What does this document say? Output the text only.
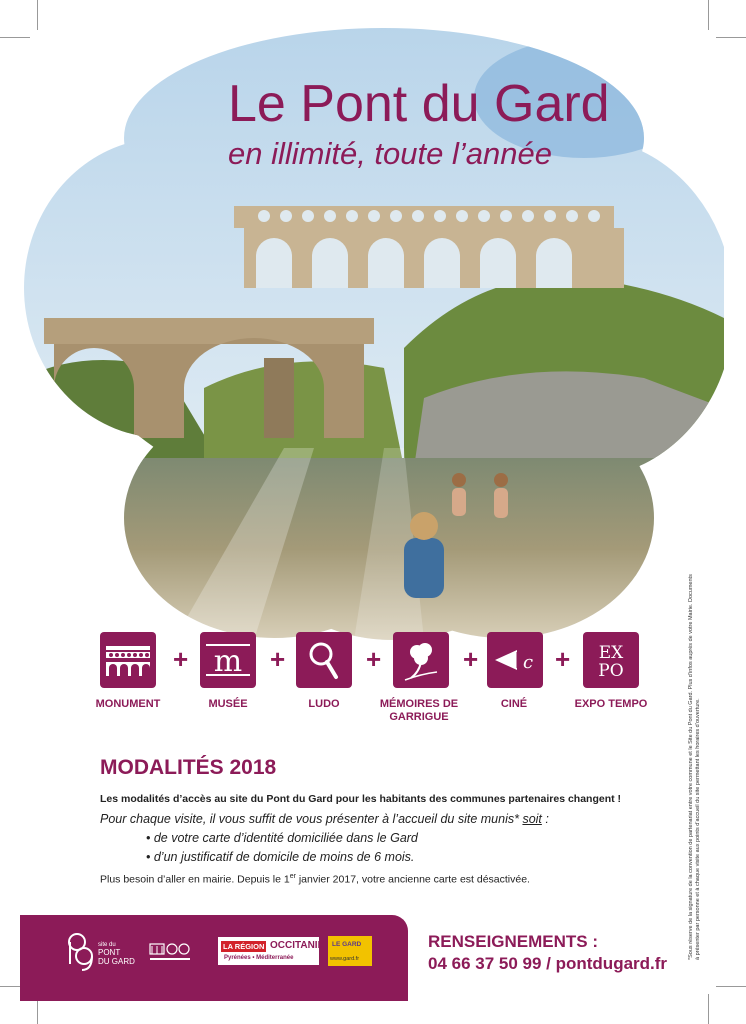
Le Pont du Gard
en illimité, toute l’année
+ m +	+	+ c + EX
PO
MONUMENT	MUSÉE	LUDO	MÉMOIRES DE GARRIGUE
CINÉ	EXPO TEMPO
MODALITÉS 2018
Les modalités d’accès au site du Pont du Gard pour les habitants des communes partenaires changent !
Pour chaque visite, il vous suffit de vous présenter à l’accueil du site munis* soit :
• de votre carte d’identité domiciliée dans le Gard
• d’un justificatif de domicile de moins de 6 mois.
Plus besoin d’aller en mairie. Depuis le 1er janvier 2017, votre ancienne carte est désactivée.
site du
PONT
DU GARD
LA RÉGION OCCITANIE
Pyrénées • Méditerranée
LE GARD
www.gard.fr
RENSEIGNEMENTS :
04 66 37 50 99 / pontdugard.fr
*Sous réserve de la signature de la convention de partenariat entre votre commune et le Site du Pont du Gard. Plus d’infos auprès de votre Mairie. Documents à présenter par personne et à chaque visite aux points d’accueil du site permettant les horaires d’ouverture.
